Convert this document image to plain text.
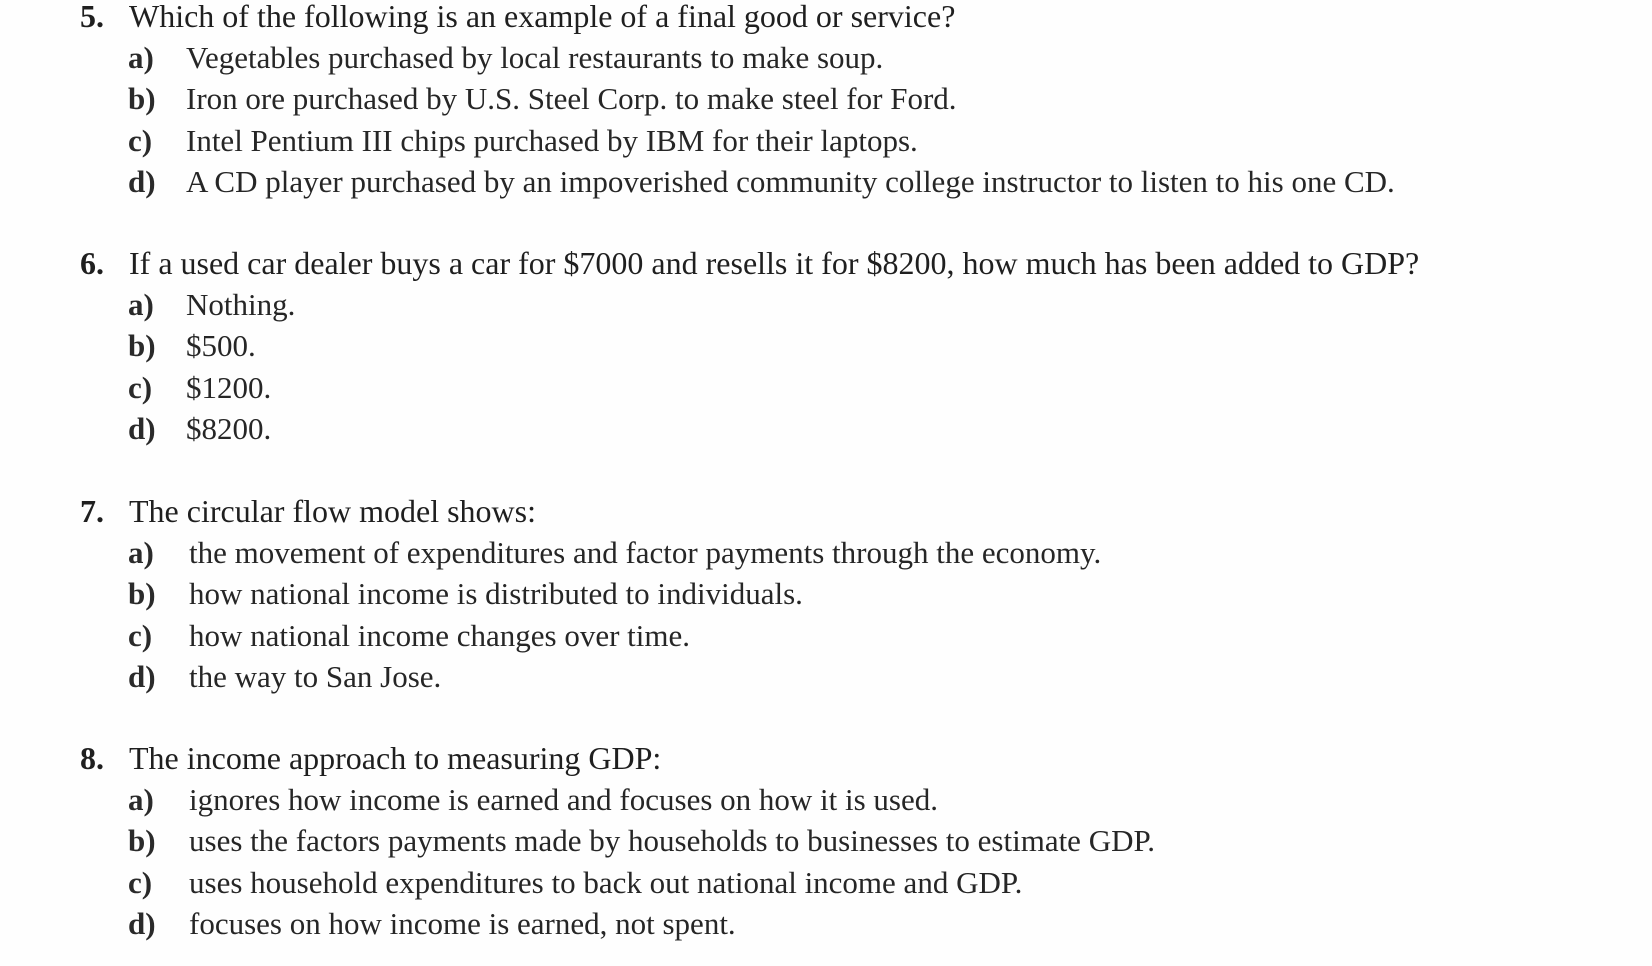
5. Which of the following is an example of a final good or service?
a) Vegetables purchased by local restaurants to make soup.
b) Iron ore purchased by U.S. Steel Corp. to make steel for Ford.
c) Intel Pentium III chips purchased by IBM for their laptops.
d) A CD player purchased by an impoverished community college instructor to listen to his one CD.
6. If a used car dealer buys a car for $7000 and resells it for $8200, how much has been added to GDP?
a) Nothing.
b) $500.
c) $1200.
d) $8200.
7. The circular flow model shows:
a) the movement of expenditures and factor payments through the economy.
b) how national income is distributed to individuals.
c) how national income changes over time.
d) the way to San Jose.
8. The income approach to measuring GDP:
a) ignores how income is earned and focuses on how it is used.
b) uses the factors payments made by households to businesses to estimate GDP.
c) uses household expenditures to back out national income and GDP.
d) focuses on how income is earned, not spent.
